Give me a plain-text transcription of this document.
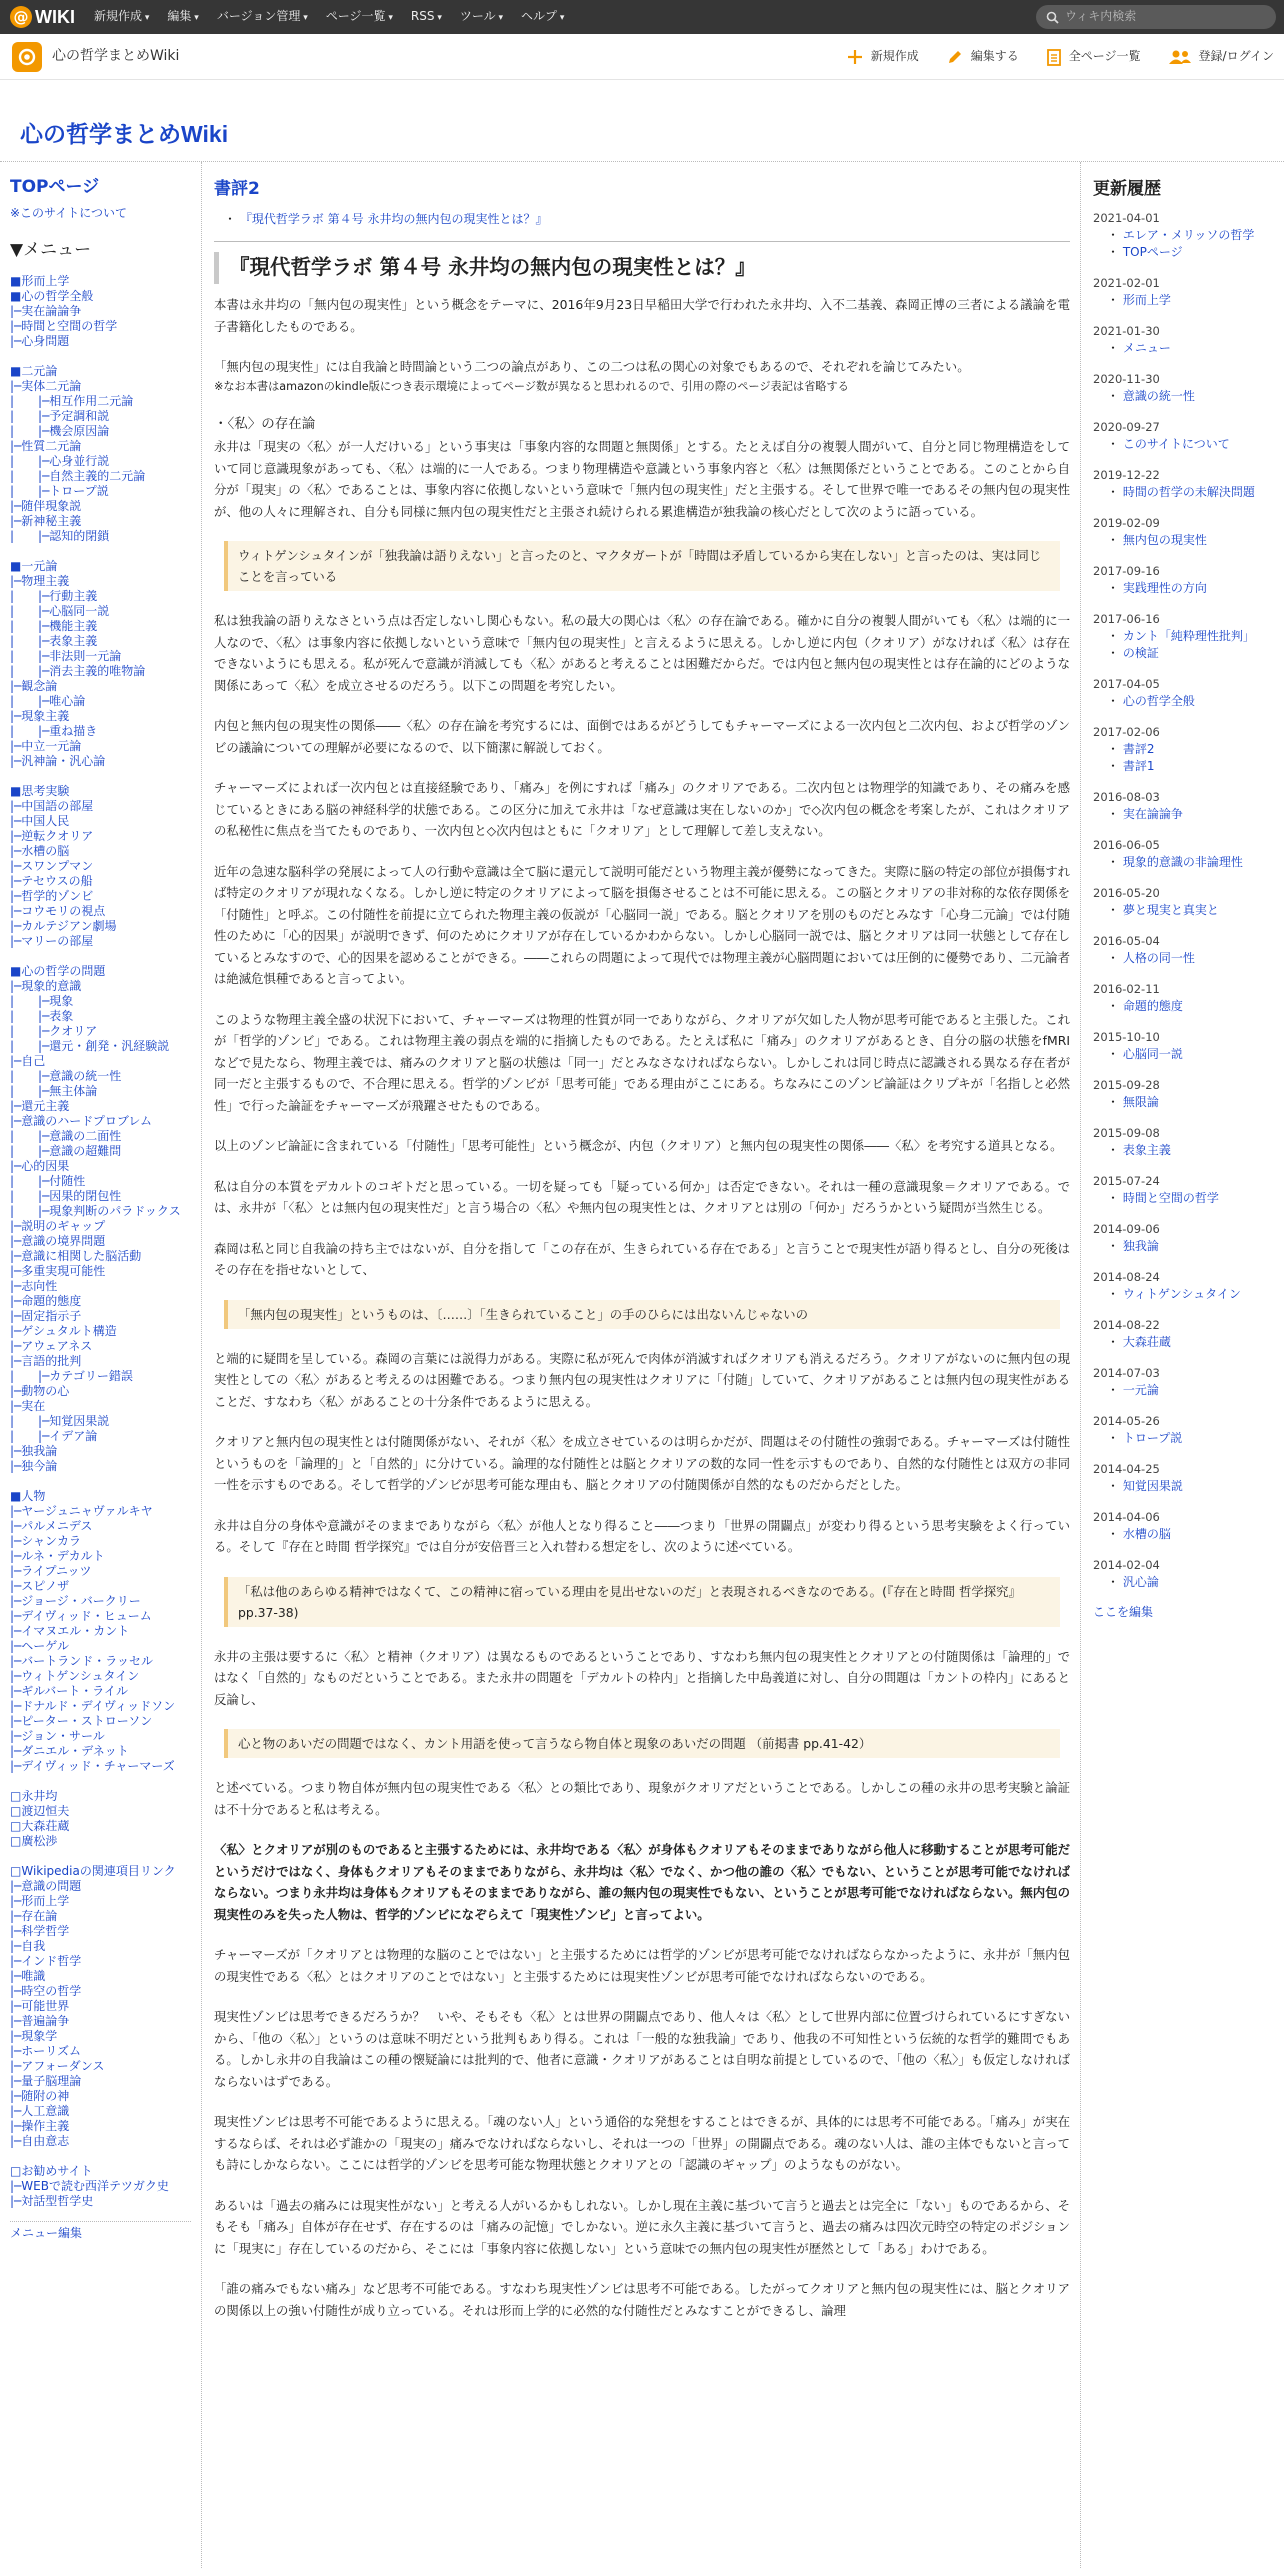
@ WIKI 新規作成 ▾	編集 ▾	バージョン管理 ▾	ページ一覧 ▾	RSS ▾	ツール ▾	ヘルプ ▾	ウィキ内検索
心の哲学まとめWiki	新規作成	編集する	全ページ一覧	登録/ログイン
心の哲学まとめWiki
TOPページ
※このサイトについて
▼メニュー
■形而上学
■心の哲学全般
|─実在論論争
|─時間と空間の哲学
|─心身問題
■二元論
|─実体二元論
|　　|─相互作用二元論
|　　|─予定調和説
|　　|─機会原因論
|─性質二元論
|　　|─心身並行説
|　　|─自然主義的二元論
|　　|─トロープ説
|─随伴現象説
|─新神秘主義
|　　|─認知的閉鎖
■一元論
|─物理主義
|　　|─行動主義
|　　|─心脳同一説
|　　|─機能主義
|　　|─表象主義
|　　|─非法則一元論
|　　|─消去主義的唯物論
|─観念論
|　　|─唯心論
|─現象主義
|　　|─重ね描き
|─中立一元論
|─汎神論・汎心論
■思考実験
|─中国語の部屋
|─中国人民
|─逆転クオリア
|─水槽の脳
|─スワンプマン
|─テセウスの船
|─哲学的ゾンビ
|─コウモリの視点
|─カルテジアン劇場
|─マリーの部屋
■心の哲学の問題
|─現象的意識
|　　|─現象
|　　|─表象
|　　|─クオリア
|　　|─還元・創発・汎経験説
|─自己
|　　|─意識の統一性
|　　|─無主体論
|─還元主義
|─意識のハードプロブレム
|　　|─意識の二面性
|　　|─意識の超難問
|─心的因果
|　　|─付随性
|　　|─因果的閉包性
|　　|─現象判断のパラドックス
|─説明のギャップ
|─意識の境界問題
|─意識に相関した脳活動
|─多重実現可能性
|─志向性
|─命題的態度
|─固定指示子
|─ゲシュタルト構造
|─アウェアネス
|─言語的批判
|　　|─カテゴリー錯誤
|─動物の心
|─実在
|　　|─知覚因果説
|　　|─イデア論
|─独我論
|─独今論
■人物
|─ヤージュニャヴァルキヤ
|─パルメニデス
|─シャンカラ
|─ルネ・デカルト
|─ライプニッツ
|─スピノザ
|─ジョージ・バークリー
|─デイヴィッド・ヒューム
|─イマヌエル・カント
|─ヘーゲル
|─バートランド・ラッセル
|─ウィトゲンシュタイン
|─ギルバート・ライル
|─ドナルド・デイヴィッドソン
|─ピーター・ストローソン
|─ジョン・サール
|─ダニエル・デネット
|─デイヴィッド・チャーマーズ
□永井均
□渡辺恒夫
□大森荘蔵
□廣松渉
□Wikipediaの関連項目リンク
|─意識の問題
|─形而上学
|─存在論
|─科学哲学
|─自我
|─インド哲学
|─唯識
|─時空の哲学
|─可能世界
|─普遍論争
|─現象学
|─ホーリズム
|─アフォーダンス
|─量子脳理論
|─随附の神
|─人工意識
|─操作主義
|─自由意志
□お勧めサイト
|─WEBで読む西洋テツガク史
|─対話型哲学史
メニュー編集
書評2
・ 『現代哲学ラボ 第４号 永井均の無内包の現実性とは？』
『現代哲学ラボ 第４号 永井均の無内包の現実性とは？』

本書は永井均の「無内包の現実性」という概念をテーマに、2016年9月23日早稲田大学で行われた永井均、入不二基義、森岡正博の三者による議論を電子書籍化したものである。

「無内包の現実性」には自我論と時間論という二つの論点があり、この二つは私の関心の対象でもあるので、それぞれを論じてみたい。

※なお本書はamazonのkindle版につき表示環境によってページ数が異なると思われるので、引用の際のページ表記は省略する

・〈私〉の存在論

永井は「現実の〈私〉が一人だけいる」という事実は「事象内容的な問題と無関係」とする。たとえば自分の複製人間がいて、自分と同じ物理構造をしていて同じ意識現象があっても、〈私〉は端的に一人である。つまり物理構造や意識という事象内容と〈私〉は無関係だということである。このことから自分が「現実」の〈私〉であることは、事象内容に依拠しないという意味で「無内包の現実性」だと主張する。そして世界で唯一であるその無内包の現実性が、他の人々に理解され、自分も同様に無内包の現実性だと主張され続けられる累進構造が独我論の核心だとして次のように語っている。

ウィトゲンシュタインが「独我論は語りえない」と言ったのと、マクタガートが「時間は矛盾しているから実在しない」と言ったのは、実は同じことを言っている

私は独我論の語りえなさという点は否定しないし関心もない。私の最大の関心は〈私〉の存在論である。確かに自分の複製人間がいても〈私〉は端的に一人なので、〈私〉は事象内容に依拠しないという意味で「無内包の現実性」と言えるように思える。しかし逆に内包（クオリア）がなければ〈私〉は存在できないようにも思える。私が死んで意識が消滅しても〈私〉があると考えることは困難だからだ。では内包と無内包の現実性とは存在論的にどのような関係にあって〈私〉を成立させるのだろう。以下この問題を考究したい。

内包と無内包の現実性の関係――〈私〉の存在論を考究するには、面倒ではあるがどうしてもチャーマーズによる一次内包と二次内包、および哲学のゾンビの議論についての理解が必要になるので、以下簡潔に解説しておく。

チャーマーズによれば一次内包とは直接経験であり、「痛み」を例にすれば「痛み」のクオリアである。二次内包とは物理学的知識であり、その痛みを感じているときにある脳の神経科学的状態である。この区分に加えて永井は「なぜ意識は実在しないのか」で◇次内包の概念を考案したが、これはクオリアの私秘性に焦点を当てたものであり、一次内包と◇次内包はともに「クオリア」として理解して差し支えない。

近年の急速な脳科学の発展によって人の行動や意識は全て脳に還元して説明可能だという物理主義が優勢になってきた。実際に脳の特定の部位が損傷すれば特定のクオリアが現れなくなる。しかし逆に特定のクオリアによって脳を損傷させることは不可能に思える。この脳とクオリアの非対称的な依存関係を「付随性」と呼ぶ。この付随性を前提に立てられた物理主義の仮説が「心脳同一説」である。脳とクオリアを別のものだとみなす「心身二元論」では付随性のために「心的因果」が説明できず、何のためにクオリアが存在しているかわからない。しかし心脳同一説では、脳とクオリアは同一状態として存在しているとみなすので、心的因果を認めることができる。――これらの問題によって現代では物理主義が心脳問題においては圧倒的に優勢であり、二元論者は絶滅危惧種であると言ってよい。

このような物理主義全盛の状況下において、チャーマーズは物理的性質が同一でありながら、クオリアが欠如した人物が思考可能であると主張した。これが「哲学的ゾンビ」である。これは物理主義の弱点を端的に指摘したものである。たとえば私に「痛み」のクオリアがあるとき、自分の脳の状態をfMRIなどで見たなら、物理主義では、痛みのクオリアと脳の状態は「同一」だとみなさなければならない。しかしこれは同じ時点に認識される異なる存在者が同一だと主張するもので、不合理に思える。哲学的ゾンビが「思考可能」である理由がここにある。ちなみにこのゾンビ論証はクリプキが「名指しと必然性」で行った論証をチャーマーズが飛躍させたものである。

以上のゾンビ論証に含まれている「付随性」「思考可能性」という概念が、内包（クオリア）と無内包の現実性の関係――〈私〉を考究する道具となる。

私は自分の本質をデカルトのコギトだと思っている。一切を疑っても「疑っている何か」は否定できない。それは一種の意識現象＝クオリアである。では、永井が「〈私〉とは無内包の現実性だ」と言う場合の〈私〉や無内包の現実性とは、クオリアとは別の「何か」だろうかという疑問が当然生じる。

森岡は私と同じ自我論の持ち主ではないが、自分を指して「この存在が、生きられている存在である」と言うことで現実性が語り得るとし、自分の死後はその存在を指せないとして、

「無内包の現実性」というものは、〔……〕「生きられていること」の手のひらには出ないんじゃないの

と端的に疑問を呈している。森岡の言葉には説得力がある。実際に私が死んで肉体が消滅すればクオリアも消えるだろう。クオリアがないのに無内包の現実性としての〈私〉があると考えるのは困難である。つまり無内包の現実性はクオリアに「付随」していて、クオリアがあることは無内包の現実性があることだ、すなわち〈私〉があることの十分条件であるように思える。

クオリアと無内包の現実性とは付随関係がない、それが〈私〉を成立させているのは明らかだが、問題はその付随性の強弱である。チャーマーズは付随性というものを「論理的」と「自然的」に分けている。論理的な付随性とは脳とクオリアの数的な同一性を示すものであり、自然的な付随性とは双方の非同一性を示すものである。そして哲学的ゾンビが思考可能な理由も、脳とクオリアの付随関係が自然的なものだからだとした。

永井は自分の身体や意識がそのままでありながら〈私〉が他人となり得ること――つまり「世界の開闢点」が変わり得るという思考実験をよく行っている。そして『存在と時間 哲学探究』では自分が安倍晋三と入れ替わる想定をし、次のように述べている。

「私は他のあらゆる精神ではなくて、この精神に宿っている理由を見出せないのだ」と表現されるべきなのである。(『存在と時間 哲学探究』pp.37-38)

永井の主張は要するに〈私〉と精神（クオリア）は異なるものであるということであり、すなわち無内包の現実性とクオリアとの付随関係は「論理的」ではなく「自然的」なものだということである。また永井の問題を「デカルトの枠内」と指摘した中島義道に対し、自分の問題は「カントの枠内」にあると反論し、

心と物のあいだの問題ではなく、カント用語を使って言うなら物自体と現象のあいだの問題 （前掲書 pp.41-42）

と述べている。つまり物自体が無内包の現実性である〈私〉との類比であり、現象がクオリアだということである。しかしこの種の永井の思考実験と論証は不十分であると私は考える。

〈私〉とクオリアが別のものであると主張するためには、永井均である〈私〉が身体もクオリアもそのままでありながら他人に移動することが思考可能だというだけではなく、身体もクオリアもそのままでありながら、永井均は〈私〉でなく、かつ他の誰の〈私〉でもない、ということが思考可能でなければならない。つまり永井均は身体もクオリアもそのままでありながら、誰の無内包の現実性でもない、ということが思考可能でなければならない。無内包の現実性のみを失った人物は、哲学的ゾンビになぞらえて「現実性ゾンビ」と言ってよい。

チャーマーズが「クオリアとは物理的な脳のことではない」と主張するためには哲学的ゾンビが思考可能でなければならなかったように、永井が「無内包の現実性である〈私〉とはクオリアのことではない」と主張するためには現実性ゾンビが思考可能でなければならないのである。

現実性ゾンビは思考できるだろうか？　いや、そもそも〈私〉とは世界の開闢点であり、他人々は〈私〉として世界内部に位置づけられているにすぎないから、「他の〈私〉」というのは意味不明だという批判もあり得る。これは「一般的な独我論」であり、他我の不可知性という伝統的な哲学的難問でもある。しかし永井の自我論はこの種の懐疑論には批判的で、他者に意識・クオリアがあることは自明な前提としているので、「他の〈私〉」も仮定しなければならないはずである。

現実性ゾンビは思考不可能であるように思える。「魂のない人」という通俗的な発想をすることはできるが、具体的には思考不可能である。「痛み」が実在するならば、それは必ず誰かの「現実の」痛みでなければならないし、それは一つの「世界」の開闢点である。魂のない人は、誰の主体でもないと言っても詩にしかならない。ここには哲学的ゾンビを思考可能な物理状態とクオリアとの「認識のギャップ」のようなものがない。

あるいは「過去の痛みには現実性がない」と考える人がいるかもしれない。しかし現在主義に基づいて言うと過去とは完全に「ない」ものであるから、そもそも「痛み」自体が存在せず、存在するのは「痛みの記憶」でしかない。逆に永久主義に基づいて言うと、過去の痛みは四次元時空の特定のポジションに「現実に」存在しているのだから、そこには「事象内容に依拠しない」という意味での無内包の現実性が歴然として「ある」わけである。

「誰の痛みでもない痛み」など思考不可能である。すなわち現実性ゾンビは思考不可能である。したがってクオリアと無内包の現実性には、脳とクオリアの関係以上の強い付随性が成り立っている。それは形而上学的に必然的な付随性だとみなすことができるし、論理

更新履歴
2021-04-01
・ エレア・メリッソの哲学
・ TOPページ
2021-02-01
・ 形而上学
2021-01-30
・ メニュー
2020-11-30
・ 意識の統一性
2020-09-27
・ このサイトについて
2019-12-22
・ 時間の哲学の未解決問題
2019-02-09
・ 無内包の現実性
2017-09-16
・ 実践理性の方向
2017-06-16
・ カント「純粋理性批判」
・ の検証
2017-04-05
・ 心の哲学全般
2017-02-06
・ 書評2
・ 書評1
2016-08-03
・ 実在論論争
2016-06-05
・ 現象的意識の非論理性
2016-05-20
・ 夢と現実と真実と
2016-05-04
・ 人格の同一性
2016-02-11
・ 命題的態度
2015-10-10
・ 心脳同一説
2015-09-28
・ 無限論
2015-09-08
・ 表象主義
2015-07-24
・ 時間と空間の哲学
2014-09-06
・ 独我論
2014-08-24
・ ウィトゲンシュタイン
2014-08-22
・ 大森荘蔵
2014-07-03
・ 一元論
2014-05-26
・ トロープ説
2014-04-25
・ 知覚因果説
2014-04-06
・ 水槽の脳
2014-02-04
・ 汎心論
ここを編集
